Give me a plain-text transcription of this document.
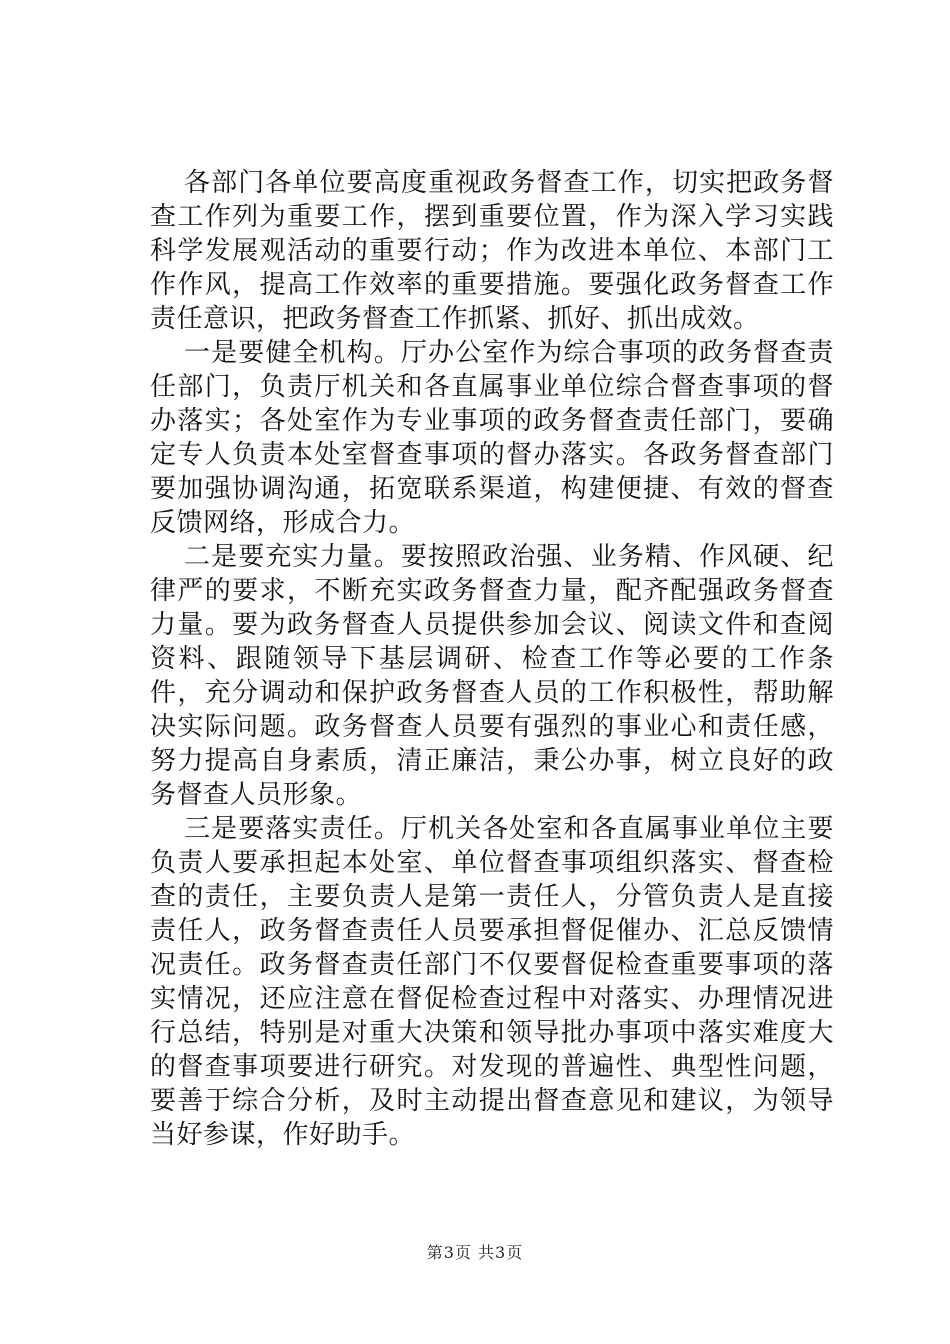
各部门各单位要高度重视政务督查工作，切实把政务督查工作列为重要工作，摆到重要位置，作为深入学习实践科学发展观活动的重要行动；作为改进本单位、本部门工作作风，提高工作效率的重要措施。要强化政务督查工作责任意识，把政务督查工作抓紧、抓好、抓出成效。

一是要健全机构。厅办公室作为综合事项的政务督查责任部门，负责厅机关和各直属事业单位综合督查事项的督办落实；各处室作为专业事项的政务督查责任部门，要确定专人负责本处室督查事项的督办落实。各政务督查部门要加强协调沟通，拓宽联系渠道，构建便捷、有效的督查反馈网络，形成合力。

二是要充实力量。要按照政治强、业务精、作风硬、纪律严的要求，不断充实政务督查力量，配齐配强政务督查力量。要为政务督查人员提供参加会议、阅读文件和查阅资料、跟随领导下基层调研、检查工作等必要的工作条件，充分调动和保护政务督查人员的工作积极性，帮助解决实际问题。政务督查人员要有强烈的事业心和责任感，努力提高自身素质，清正廉洁，秉公办事，树立良好的政务督查人员形象。

三是要落实责任。厅机关各处室和各直属事业单位主要负责人要承担起本处室、单位督查事项组织落实、督查检查的责任，主要负责人是第一责任人，分管负责人是直接责任人，政务督查责任人员要承担督促催办、汇总反馈情况责任。政务督查责任部门不仅要督促检查重要事项的落实情况，还应注意在督促检查过程中对落实、办理情况进行总结，特别是对重大决策和领导批办事项中落实难度大的督查事项要进行研究。对发现的普遍性、典型性问题，要善于综合分析，及时主动提出督查意见和建议，为领导当好参谋，作好助手。

第3页 共3页
